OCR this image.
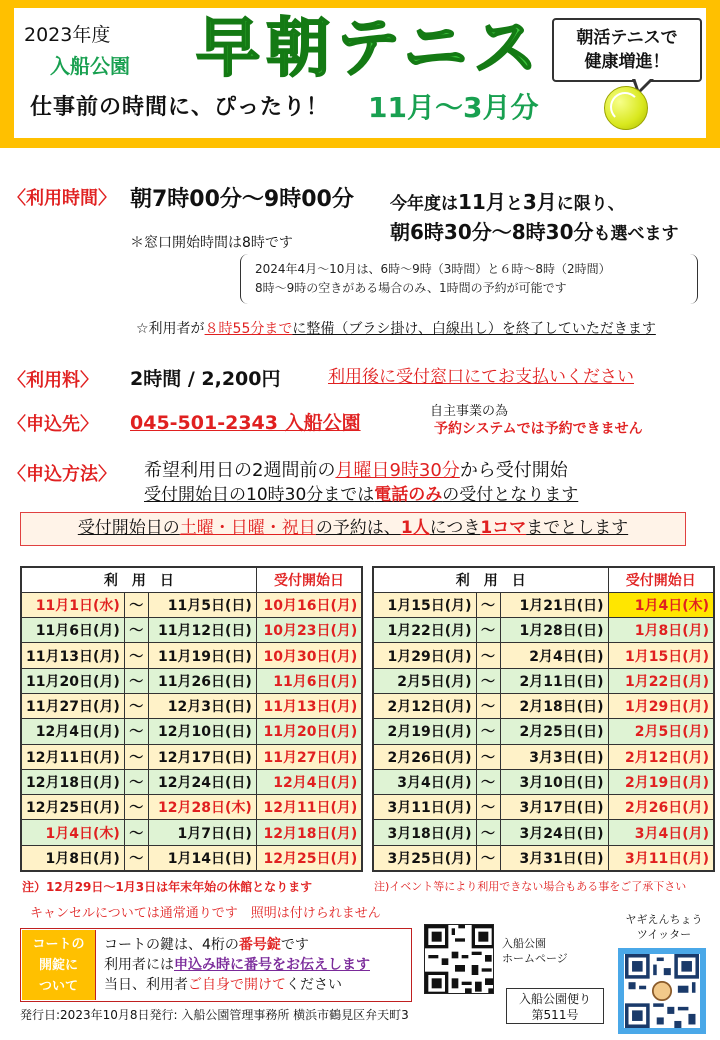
2023年度
入船公園 早朝テニス
仕事前の時間に、ぴったり！ 11月～3月分
朝活テニスで
健康増進！
〈利用時間〉 朝7時00分～9時00分 今年度は11月と3月に限り、
朝6時30分～8時30分も選べます
＊窓口開始時間は8時です
2024年4月～10月は、6時～9時（3時間）と６時～8時（2時間）
8時～9時の空きがある場合のみ、1時間の予約が可能です
☆利用者が８時55分までに整備（ブラシ掛け、白線出し）を終了していただきます
〈利用料〉 2時間 / 2,200円	利用後に受付窓口にてお支払いください
〈申込先〉 045-501-2343 入船公園
自主事業の為
予約システムでは予約できません
〈申込方法〉 希望利用日の2週間前の月曜日9時30分から受付開始
受付開始日の10時30分までは電話のみの受付となります
受付開始日の土曜・日曜・祝日の予約は、1人につき1コマまでとします
利　用　日			受付開始日
11月1日(水)	～	11月5日(日)	10月16日(月)
11月6日(月)	～	11月12日(日)	10月23日(月)
11月13日(月)	～	11月19日(日)	10月30日(月)
11月20日(月)	～	11月26日(日)	11月6日(月)
11月27日(月)	～	12月3日(日)	11月13日(月)
12月4日(月)	～	12月10日(日)	11月20日(月)
12月11日(月)	～	12月17日(日)	11月27日(月)
12月18日(月)	～	12月24日(日)	12月4日(月)
12月25日(月)	～	12月28日(木)	12月11日(月)
1月4日(木)	～	1月7日(日)	12月18日(月)
1月8日(月)	～	1月14日(日)	12月25日(月)
利　用　日			受付開始日
1月15日(月)	～	1月21日(日)	1月4日(木)
1月22日(月)	～	1月28日(日)	1月8日(月)
1月29日(月)	～	2月4日(日)	1月15日(月)
2月5日(月)	～	2月11日(日)	1月22日(月)
2月12日(月)	～	2月18日(日)	1月29日(月)
2月19日(月)	～	2月25日(日)	2月5日(月)
2月26日(月)	～	3月3日(日)	2月12日(月)
3月4日(月)	～	3月10日(日)	2月19日(月)
3月11日(月)	～	3月17日(日)	2月26日(月)
3月18日(月)	～	3月24日(日)	3月4日(月)
3月25日(月)	～	3月31日(日)	3月11日(月)
注）12月29日～1月3日は年末年始の休館となります	注)イベント等により利用できない場合もある事をご了承下さい
キャンセルについては通常通りです　照明は付けられません
コートの
開錠に
ついて
コートの鍵は、4桁の番号錠です
利用者には申込み時に番号をお伝えします
当日、利用者ご自身で開けてください
発行日:2023年10月8日発行: 入船公園管理事務所 横浜市鶴見区弁天町3
入船公園
ホームページ
入船公園便り
第511号
ヤギえんちょう
ツイッター
